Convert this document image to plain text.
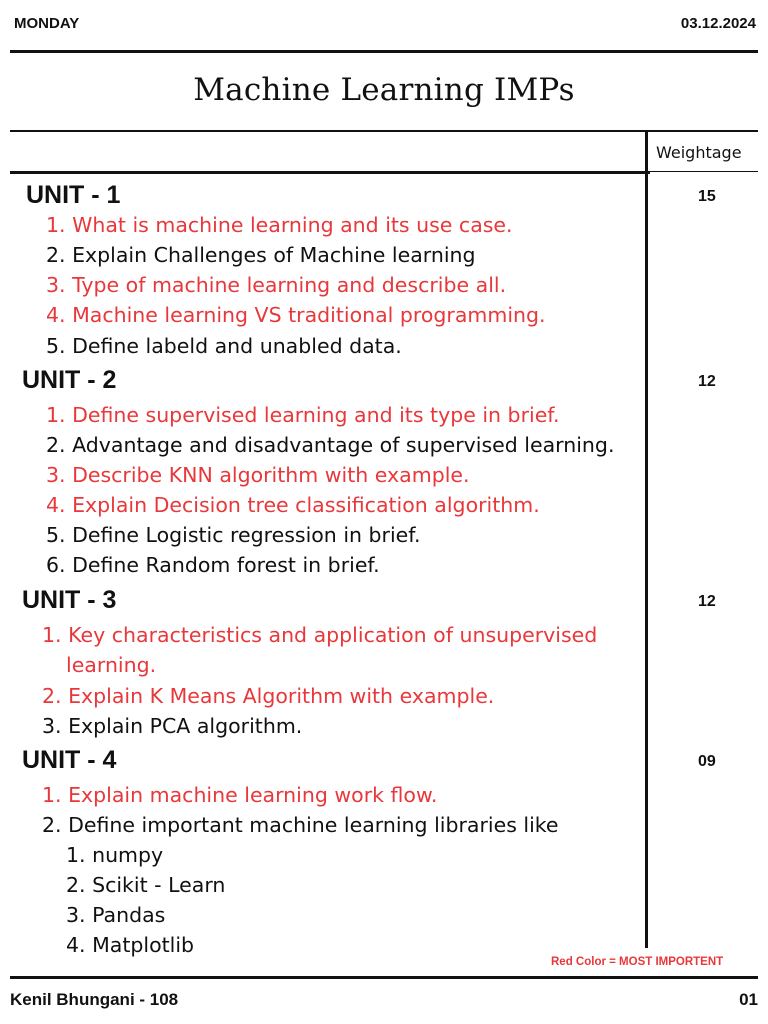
MONDAY	03.12.2024
Machine Learning IMPs
Weightage
UNIT - 1	15
1. What is machine learning and its use case.
2. Explain Challenges of Machine learning
3. Type of machine learning and describe all.
4. Machine learning VS traditional programming.
5. Define labeld and unabled data.
UNIT - 2	12
1. Define supervised learning and its type in brief.
2. Advantage and disadvantage of supervised learning.
3. Describe KNN algorithm with example.
4. Explain Decision tree classification algorithm.
5. Define Logistic regression in brief.
6. Define Random forest in brief.
UNIT - 3	12
1. Key characteristics and application of unsupervised
learning.
2. Explain K Means Algorithm with example.
3. Explain PCA algorithm.
UNIT - 4	09
1. Explain machine learning work flow.
2. Define important machine learning libraries like
1. numpy
2. Scikit - Learn
3. Pandas
4. Matplotlib
Red Color = MOST IMPORTENT
Kenil Bhungani - 108	01
